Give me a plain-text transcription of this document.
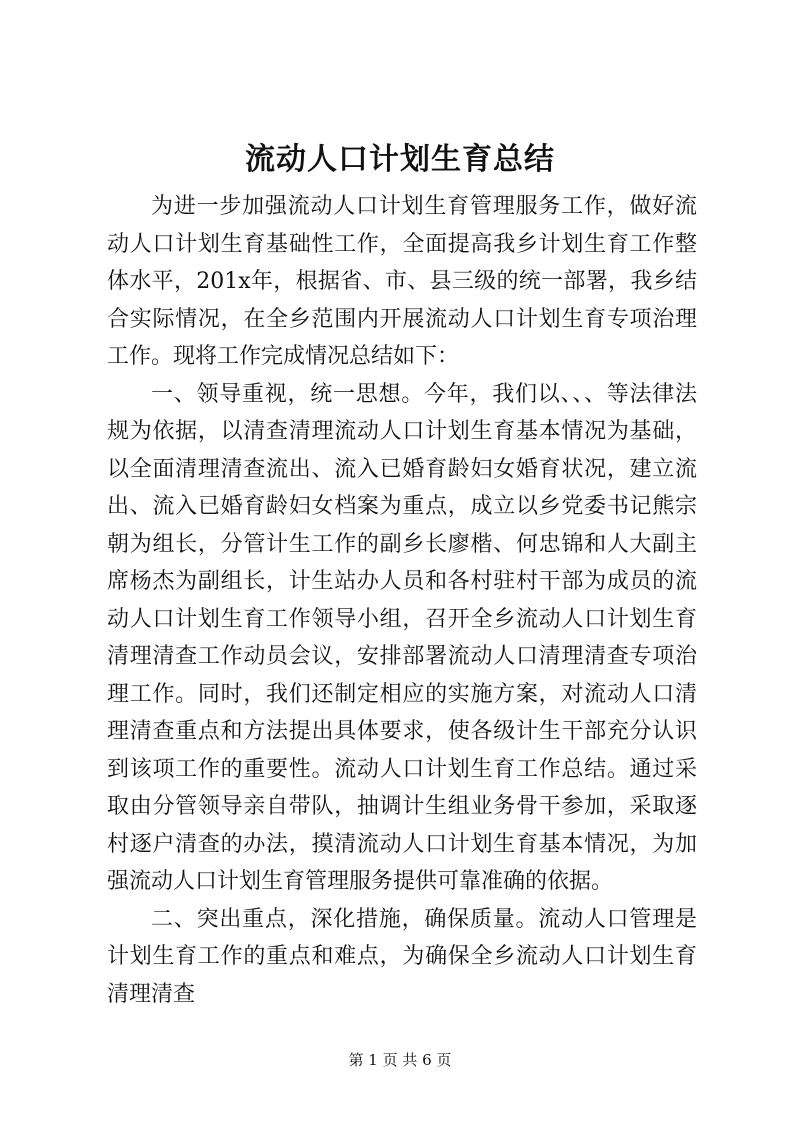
流动人口计划生育总结

为进一步加强流动人口计划生育管理服务工作，做好流动人口计划生育基础性工作，全面提高我乡计划生育工作整体水平，201x年，根据省、市、县三级的统一部署，我乡结合实际情况，在全乡范围内开展流动人口计划生育专项治理工作。现将工作完成情况总结如下：

一、领导重视，统一思想。今年，我们以、、、等法律法规为依据，以清查清理流动人口计划生育基本情况为基础，以全面清理清查流出、流入已婚育龄妇女婚育状况，建立流出、流入已婚育龄妇女档案为重点，成立以乡党委书记熊宗朝为组长，分管计生工作的副乡长廖楷、何忠锦和人大副主席杨杰为副组长，计生站办人员和各村驻村干部为成员的流动人口计划生育工作领导小组，召开全乡流动人口计划生育清理清查工作动员会议，安排部署流动人口清理清查专项治理工作。同时，我们还制定相应的实施方案，对流动人口清理清查重点和方法提出具体要求，使各级计生干部充分认识到该项工作的重要性。流动人口计划生育工作总结。通过采取由分管领导亲自带队，抽调计生组业务骨干参加，采取逐村逐户清查的办法，摸清流动人口计划生育基本情况，为加强流动人口计划生育管理服务提供可靠准确的依据。

二、突出重点，深化措施，确保质量。流动人口管理是计划生育工作的重点和难点，为确保全乡流动人口计划生育清理清查

第 1 页 共 6 页
